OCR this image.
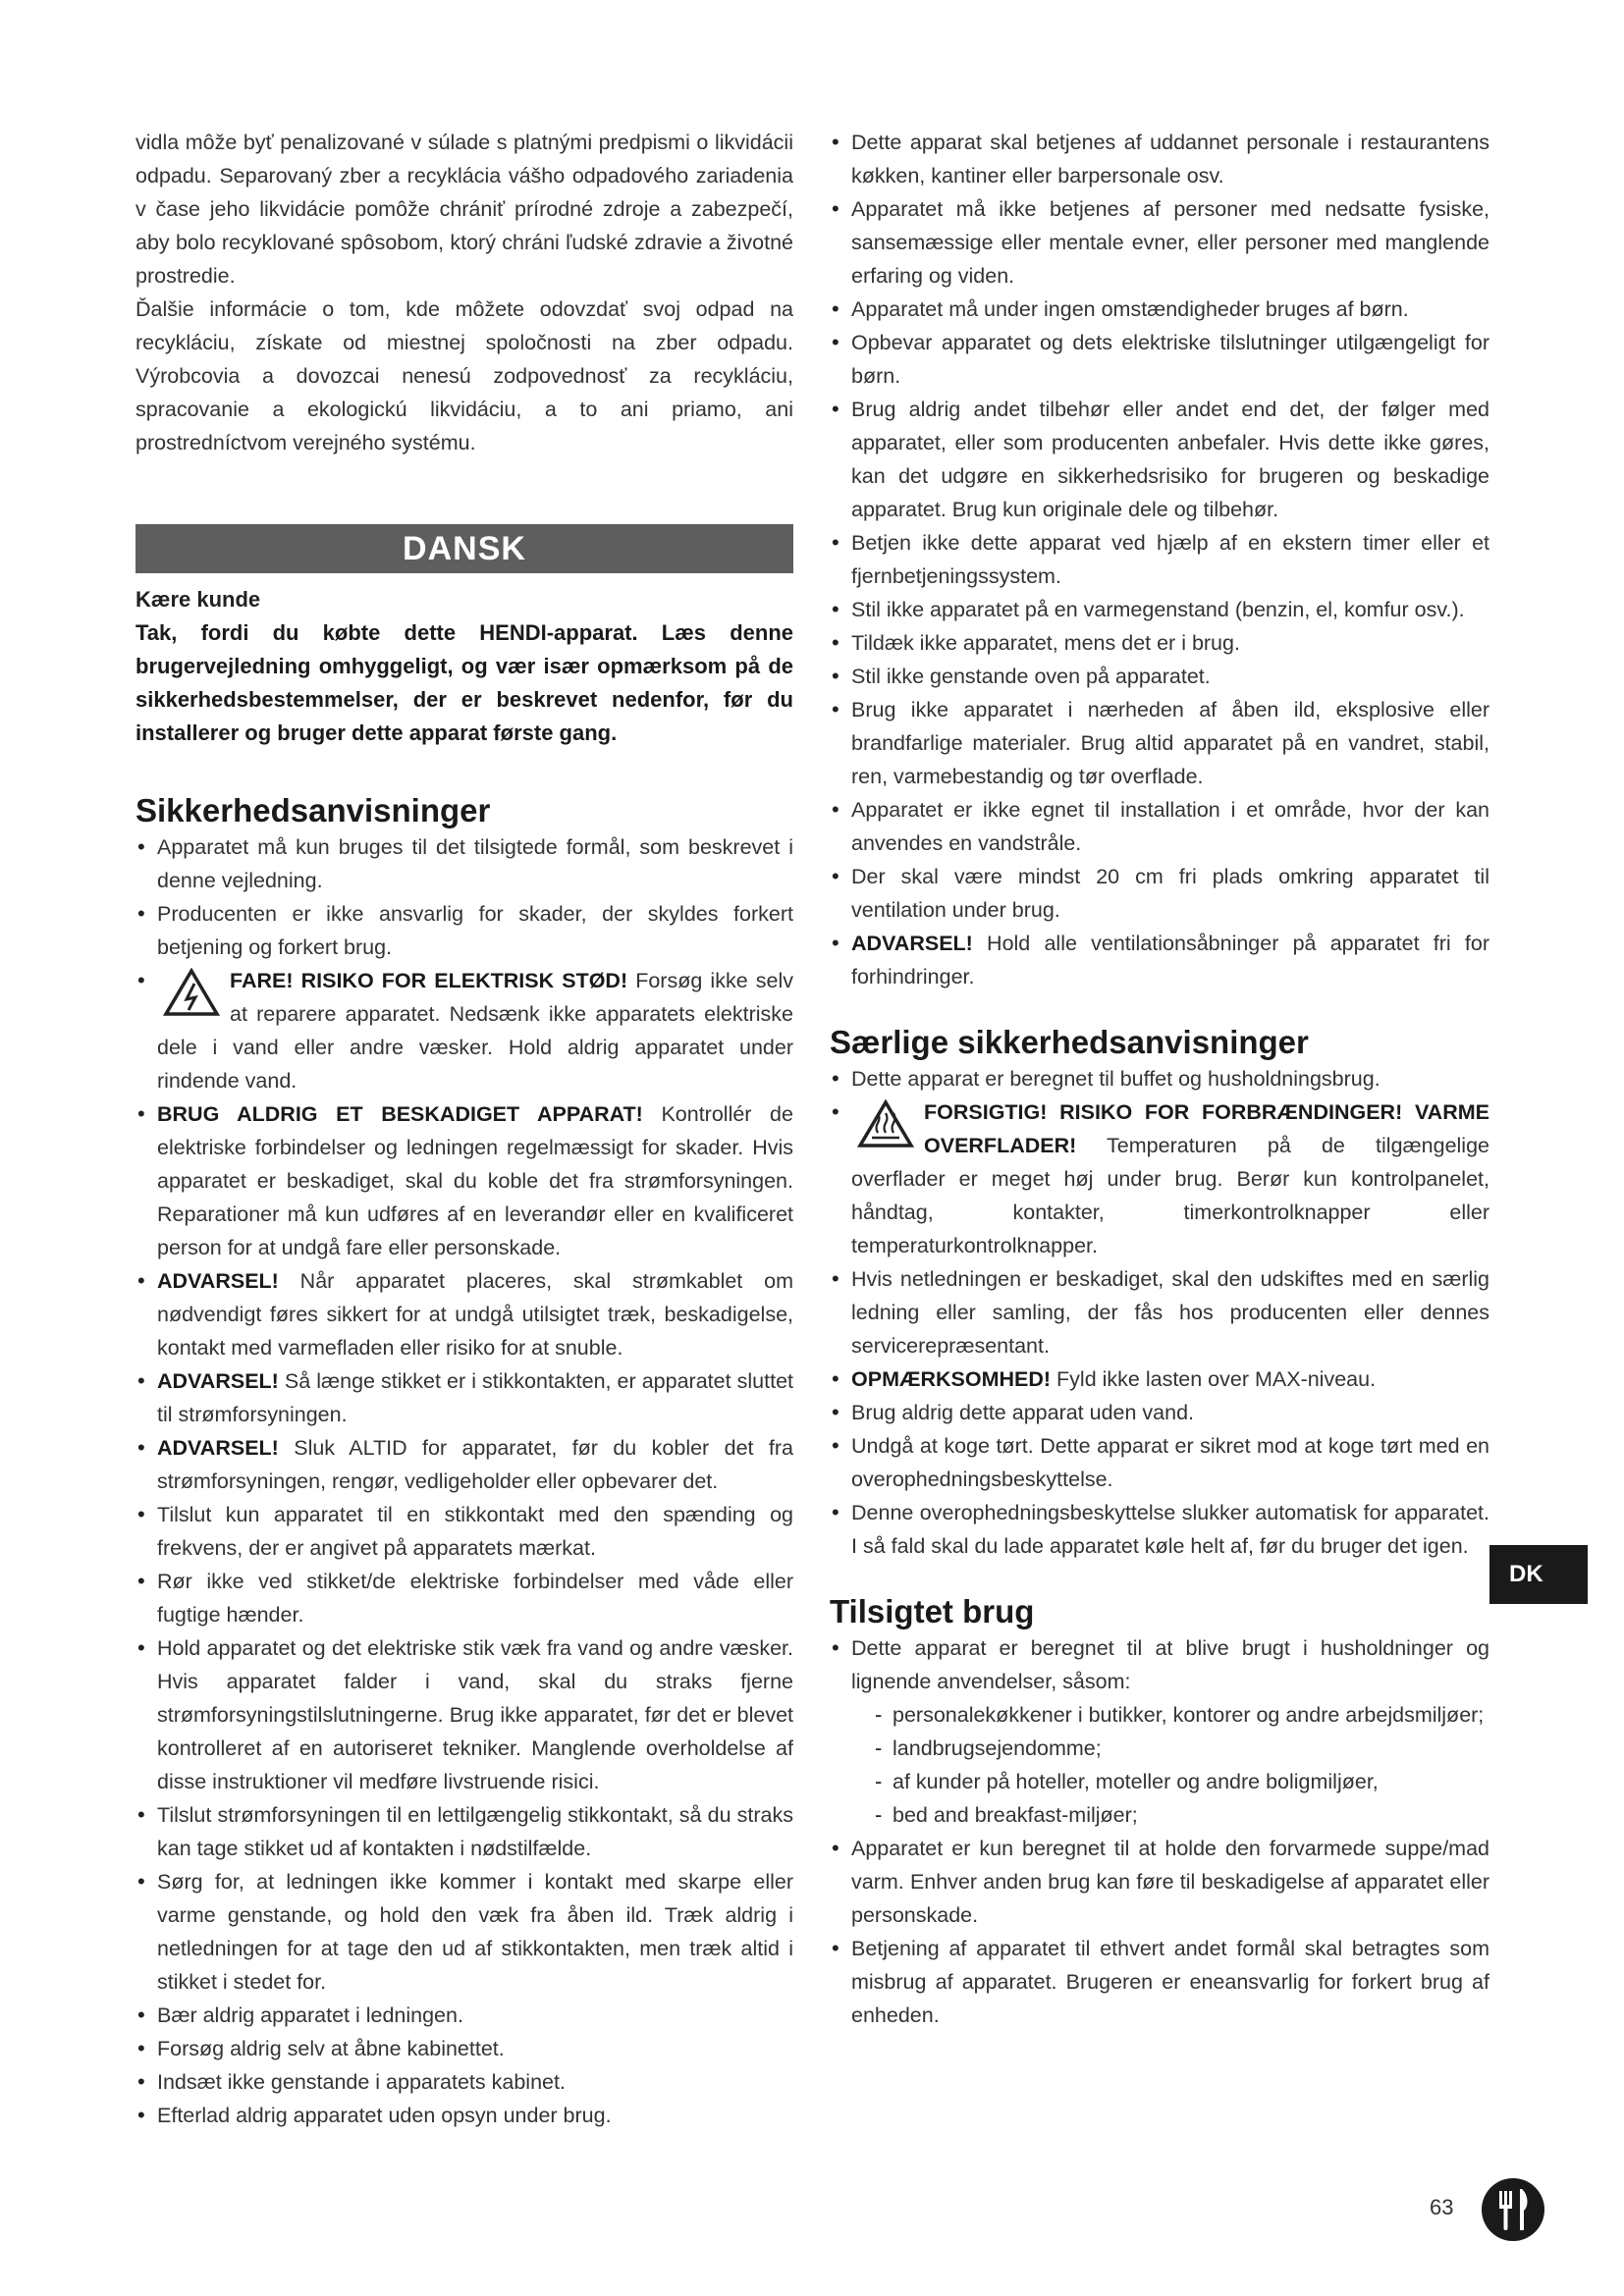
vidla môže byť penalizované v súlade s platnými predpismi o likvidácii odpadu. Separovaný zber a recyklácia vášho odpadového zariadenia v čase jeho likvidácie pomôže chrániť prírodné zdroje a zabezpečí, aby bolo recyklované spôsobom, ktorý chráni ľudské zdravie a životné prostredie.

Ďalšie informácie o tom, kde môžete odovzdať svoj odpad na recykláciu, získate od miestnej spoločnosti na zber odpadu. Výrobcovia a dovozcai nenesú zodpovednosť za recykláciu, spracovanie a ekologickú likvidáciu, a to ani priamo, ani prostredníctvom verejného systému.

DANSK

Kære kunde

Tak, fordi du købte dette HENDI-apparat. Læs denne brugervejledning omhyggeligt, og vær især opmærksom på de sikkerhedsbestemmelser, der er beskrevet nedenfor, før du installerer og bruger dette apparat første gang.

Sikkerhedsanvisninger
• Apparatet må kun bruges til det tilsigtede formål, som beskrevet i denne vejledning.
• Producenten er ikke ansvarlig for skader, der skyldes forkert betjening og forkert brug.
• FARE! RISIKO FOR ELEKTRISK STØD! Forsøg ikke selv at reparere apparatet. Nedsænk ikke apparatets elektriske dele i vand eller andre væsker. Hold aldrig apparatet under rindende vand.
• BRUG ALDRIG ET BESKADIGET APPARAT! Kontrollér de elektriske forbindelser og ledningen regelmæssigt for skader. Hvis apparatet er beskadiget, skal du koble det fra strømforsyningen. Reparationer må kun udføres af en leverandør eller en kvalificeret person for at undgå fare eller personskade.
• ADVARSEL! Når apparatet placeres, skal strømkablet om nødvendigt føres sikkert for at undgå utilsigtet træk, beskadigelse, kontakt med varmefladen eller risiko for at snuble.
• ADVARSEL! Så længe stikket er i stikkontakten, er apparatet sluttet til strømforsyningen.
• ADVARSEL! Sluk ALTID for apparatet, før du kobler det fra strømforsyningen, rengør, vedligeholder eller opbevarer det.
• Tilslut kun apparatet til en stikkontakt med den spænding og frekvens, der er angivet på apparatets mærkat.
• Rør ikke ved stikket/de elektriske forbindelser med våde eller fugtige hænder.
• Hold apparatet og det elektriske stik væk fra vand og andre væsker. Hvis apparatet falder i vand, skal du straks fjerne strømforsyningstilslutningerne. Brug ikke apparatet, før det er blevet kontrolleret af en autoriseret tekniker. Manglende overholdelse af disse instruktioner vil medføre livstruende risici.
• Tilslut strømforsyningen til en lettilgængelig stikkontakt, så du straks kan tage stikket ud af kontakten i nødstilfælde.
• Sørg for, at ledningen ikke kommer i kontakt med skarpe eller varme genstande, og hold den væk fra åben ild. Træk aldrig i netledningen for at tage den ud af stikkontakten, men træk altid i stikket i stedet for.
• Bær aldrig apparatet i ledningen.
• Forsøg aldrig selv at åbne kabinettet.
• Indsæt ikke genstande i apparatets kabinet.
• Efterlad aldrig apparatet uden opsyn under brug.
• Dette apparat skal betjenes af uddannet personale i restaurantens køkken, kantiner eller barpersonale osv.
• Apparatet må ikke betjenes af personer med nedsatte fysiske, sansemæssige eller mentale evner, eller personer med manglende erfaring og viden.
• Apparatet må under ingen omstændigheder bruges af børn.
• Opbevar apparatet og dets elektriske tilslutninger utilgængeligt for børn.
• Brug aldrig andet tilbehør eller andet end det, der følger med apparatet, eller som producenten anbefaler. Hvis dette ikke gøres, kan det udgøre en sikkerhedsrisiko for brugeren og beskadige apparatet. Brug kun originale dele og tilbehør.
• Betjen ikke dette apparat ved hjælp af en ekstern timer eller et fjernbetjeningssystem.
• Stil ikke apparatet på en varmegenstand (benzin, el, komfur osv.).
• Tildæk ikke apparatet, mens det er i brug.
• Stil ikke genstande oven på apparatet.
• Brug ikke apparatet i nærheden af åben ild, eksplosive eller brandfarlige materialer. Brug altid apparatet på en vandret, stabil, ren, varmebestandig og tør overflade.
• Apparatet er ikke egnet til installation i et område, hvor der kan anvendes en vandstråle.
• Der skal være mindst 20 cm fri plads omkring apparatet til ventilation under brug.
• ADVARSEL! Hold alle ventilationsåbninger på apparatet fri for forhindringer.
Særlige sikkerhedsanvisninger
• Dette apparat er beregnet til buffet og husholdningsbrug.
• FORSIGTIG! RISIKO FOR FORBRÆNDINGER! VARME OVERFLADER! Temperaturen på de tilgængelige overflader er meget høj under brug. Berør kun kontrolpanelet, håndtag, kontakter, timerkontrolknapper eller temperaturkontrolknapper.
• Hvis netledningen er beskadiget, skal den udskiftes med en særlig ledning eller samling, der fås hos producenten eller dennes servicerepræsentant.
• OPMÆRKSOMHED! Fyld ikke lasten over MAX-niveau.
• Brug aldrig dette apparat uden vand.
• Undgå at koge tørt. Dette apparat er sikret mod at koge tørt med en overophedningsbeskyttelse.
• Denne overophedningsbeskyttelse slukker automatisk for apparatet. I så fald skal du lade apparatet køle helt af, før du bruger det igen.
Tilsigtet brug
• Dette apparat er beregnet til at blive brugt i husholdninger og lignende anvendelser, såsom:
- personalekøkkener i butikker, kontorer og andre arbejdsmiljøer;
- landbrugsejendomme;
- af kunder på hoteller, moteller og andre boligmiljøer,
- bed and breakfast-miljøer;
• Apparatet er kun beregnet til at holde den forvarmede suppe/mad varm. Enhver anden brug kan føre til beskadigelse af apparatet eller personskade.
• Betjening af apparatet til ethvert andet formål skal betragtes som misbrug af apparatet. Brugeren er eneansvarlig for forkert brug af enheden.
DK
63
